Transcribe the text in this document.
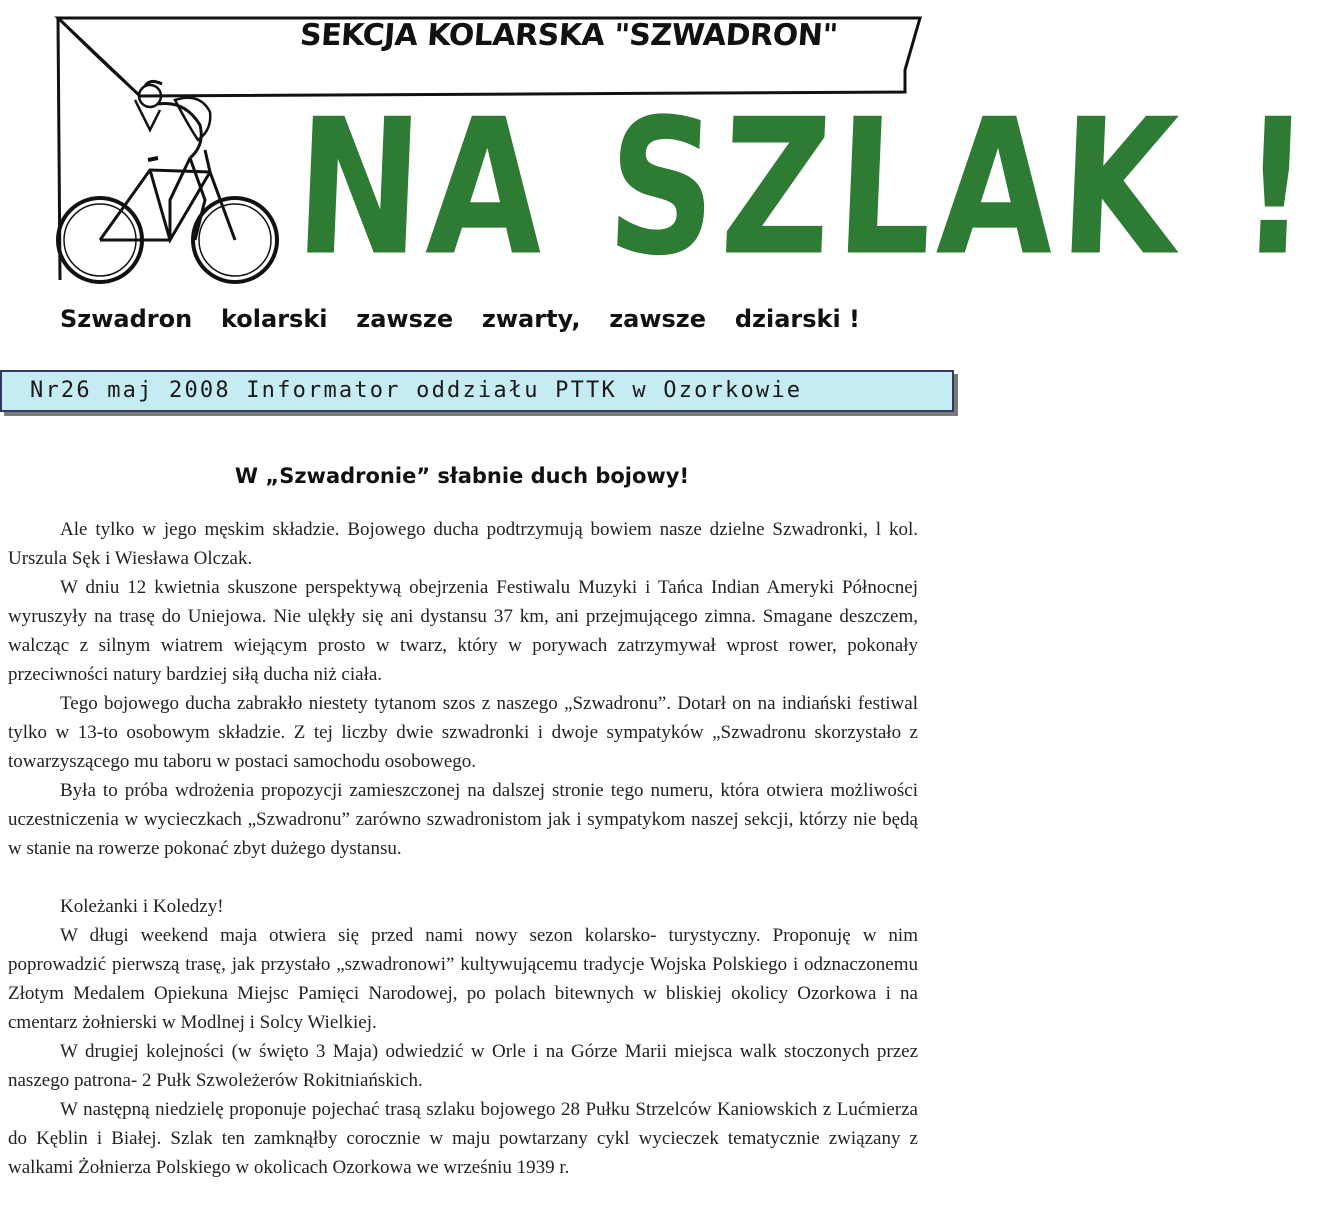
SEKCJA KOLARSKA "SZWADRON"
NA SZLAK !
Szwadron kolarski zawsze zwarty, zawsze dziarski !
Nr26 maj 2008 Informator oddziału PTTK w Ozorkowie
W „Szwadronie” słabnie duch bojowy!

Ale tylko w jego męskim składzie. Bojowego ducha podtrzymują bowiem nasze dzielne Szwadronki, l kol. Urszula Sęk i Wiesława Olczak.

W dniu 12 kwietnia skuszone perspektywą obejrzenia Festiwalu Muzyki i Tańca Indian Ameryki Północnej wyruszyły na trasę do Uniejowa. Nie ulękły się ani dystansu 37 km, ani przejmującego zimna. Smagane deszczem, walcząc z silnym wiatrem wiejącym prosto w twarz, który w porywach zatrzymywał wprost rower, pokonały przeciwności natury bardziej siłą ducha niż ciała.

Tego bojowego ducha zabrakło niestety tytanom szos z naszego „Szwadronu”. Dotarł on na indiański festiwal tylko w 13-to osobowym składzie. Z tej liczby dwie szwadronki i dwoje sympatyków „Szwadronu skorzystało z towarzyszącego mu taboru w postaci samochodu osobowego.

Była to próba wdrożenia propozycji zamieszczonej na dalszej stronie tego numeru, która otwiera możliwości uczestniczenia w wycieczkach „Szwadronu” zarówno szwadronistom jak i sympatykom naszej sekcji, którzy nie będą w stanie na rowerze pokonać zbyt dużego dystansu.

Koleżanki i Koledzy!

W długi weekend maja otwiera się przed nami nowy sezon kolarsko- turystyczny. Proponuję w nim poprowadzić pierwszą trasę, jak przystało „szwadronowi” kultywującemu tradycje Wojska Polskiego i odznaczonemu Złotym Medalem Opiekuna Miejsc Pamięci Narodowej, po polach bitewnych w bliskiej okolicy Ozorkowa i na cmentarz żołnierski w Modlnej i Solcy Wielkiej.

W drugiej kolejności (w święto 3 Maja) odwiedzić w Orle i na Górze Marii miejsca walk stoczonych przez naszego patrona- 2 Pułk Szwoleżerów Rokitniańskich.

W następną niedzielę proponuje pojechać trasą szlaku bojowego 28 Pułku Strzelców Kaniowskich z Lućmierza do Kęblin i Białej. Szlak ten zamknąłby corocznie w maju powtarzany cykl wycieczek tematycznie związany z walkami Żołnierza Polskiego w okolicach Ozorkowa we wrześniu 1939 r.
